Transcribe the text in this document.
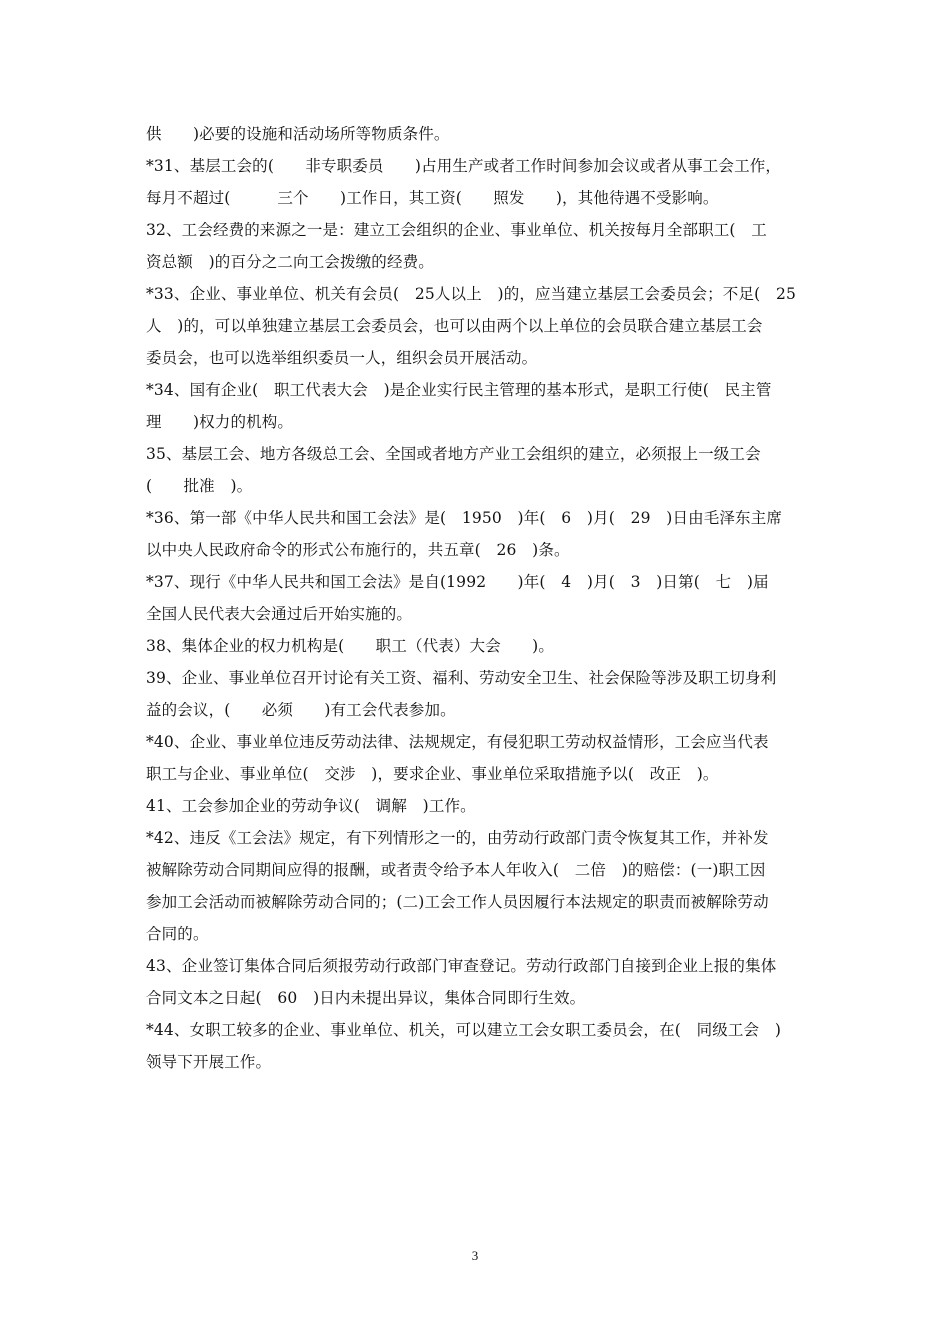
供　　)必要的设施和活动场所等物质条件。
*31、基层工会的(　　非专职委员　　)占用生产或者工作时间参加会议或者从事工会工作，
每月不超过(　　　三个　　)工作日，其工资(　　照发　　)，其他待遇不受影响。
32、工会经费的来源之一是：建立工会组织的企业、事业单位、机关按每月全部职工(　工
资总额　)的百分之二向工会拨缴的经费。
*33、企业、事业单位、机关有会员(　25人以上　)的，应当建立基层工会委员会；不足(　25
人　)的，可以单独建立基层工会委员会，也可以由两个以上单位的会员联合建立基层工会
委员会，也可以选举组织委员一人，组织会员开展活动。
*34、国有企业(　职工代表大会　)是企业实行民主管理的基本形式，是职工行使(　民主管
理　　)权力的机构。
35、基层工会、地方各级总工会、全国或者地方产业工会组织的建立，必须报上一级工会
(　　批准　)。
*36、第一部《中华人民共和国工会法》是(　1950　)年(　6　)月(　29　)日由毛泽东主席
以中央人民政府命令的形式公布施行的，共五章(　26　)条。
*37、现行《中华人民共和国工会法》是自(1992　　)年(　4　)月(　3　)日第(　七　)届
全国人民代表大会通过后开始实施的。
38、集体企业的权力机构是(　　职工（代表）大会　　)。
39、企业、事业单位召开讨论有关工资、福利、劳动安全卫生、社会保险等涉及职工切身利
益的会议，(　　必须　　)有工会代表参加。
*40、企业、事业单位违反劳动法律、法规规定，有侵犯职工劳动权益情形，工会应当代表
职工与企业、事业单位(　交涉　)，要求企业、事业单位采取措施予以(　改正　)。
41、工会参加企业的劳动争议(　调解　)工作。
*42、违反《工会法》规定，有下列情形之一的，由劳动行政部门责令恢复其工作，并补发
被解除劳动合同期间应得的报酬，或者责令给予本人年收入(　二倍　)的赔偿：(一)职工因
参加工会活动而被解除劳动合同的；(二)工会工作人员因履行本法规定的职责而被解除劳动
合同的。
43、企业签订集体合同后须报劳动行政部门审查登记。劳动行政部门自接到企业上报的集体
合同文本之日起(　60　)日内未提出异议，集体合同即行生效。
*44、女职工较多的企业、事业单位、机关，可以建立工会女职工委员会，在(　同级工会　)
领导下开展工作。
3
